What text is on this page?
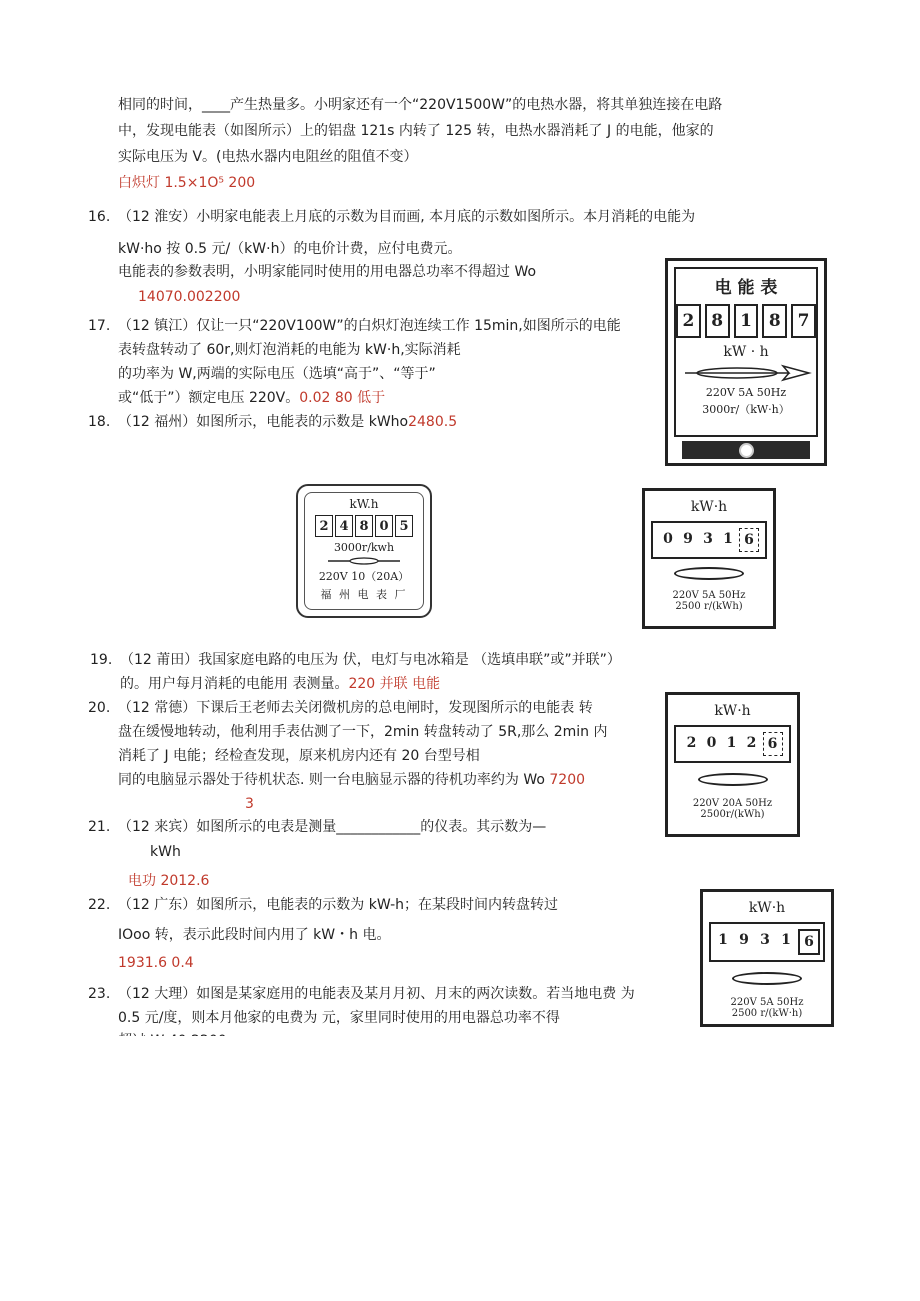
相同的时间，____产生热量多。小明家还有一个“220V1500W”的电热水器，将其单独连接在电路
中，发现电能表（如图所示）上的铝盘 121s 内转了 125 转，电热水器消耗了 J 的电能，他家的
实际电压为 V。(电热水器内电阻丝的阻值不变）
白炽灯 1.5×1O⁵ 200
16. （12 淮安）小明家电能表上月底的示数为目而画, 本月底的示数如图所示。本月消耗的电能为
kW·ho 按 0.5 元/（kW·h）的电价计费，应付电费元。
电能表的参数表明，小明家能同时使用的用电器总功率不得超过 Wo
14070.002200
17. （12 镇江）仅让一只“220V100W”的白炽灯泡连续工作 15min,如图所示的电能
表转盘转动了 60r,则灯泡消耗的电能为 kW·h,实际消耗
的功率为 W,两端的实际电压（选填“高于”、“等于”
或“低于”）额定电压 220V。0.02 80 低于
18. （12 福州）如图所示，电能表的示数是 kWho2480.5
电 能 表
2 8 1 8 7
kW · h
220V 5A 50Hz
3000r/（kW·h）
kW.h
2 4 8 0 5
3000r/kwh
220V 10（20A）
福 州 电 表 厂
kW·h
0 9 3 1 6
220V 5A 50Hz
2500 r/(kWh)
19. （12 莆田）我国家庭电路的电压为 伏，电灯与电冰箱是 （选填串联”或”并联”）
的。用户每月消耗的电能用 表测量。220 并联 电能
20. （12 常德）下课后王老师去关闭微机房的总电闸时，发现图所示的电能表 转
盘在缓慢地转动，他利用手表估测了一下，2min 转盘转动了 5R,那么 2min 内
消耗了 J 电能；经检查发现，原来机房内还有 20 台型号相
同的电脑显示器处于待机状态. 则一台电脑显示器的待机功率约为 Wo 7200
3
kW·h
2 0 1 2 6
220V 20A 50Hz
2500r/(kWh)
21. （12 来宾）如图所示的电表是测量____________的仪表。其示数为—
kWh
电功 2012.6
22. （12 广东）如图所示，电能表的示数为 kW-h；在某段时间内转盘转过
IOoo 转，表示此段时间内用了 kW・h 电。
1931.6 0.4
23. （12 大理）如图是某家庭用的电能表及某月月初、月末的两次读数。若当地电费 为
0.5 元/度，则本月他家的电费为 元，家里同时使用的用电器总功率不得
kW·h
1 9 3 1 6
220V 5A 50Hz
2500 r/(kW·h)
